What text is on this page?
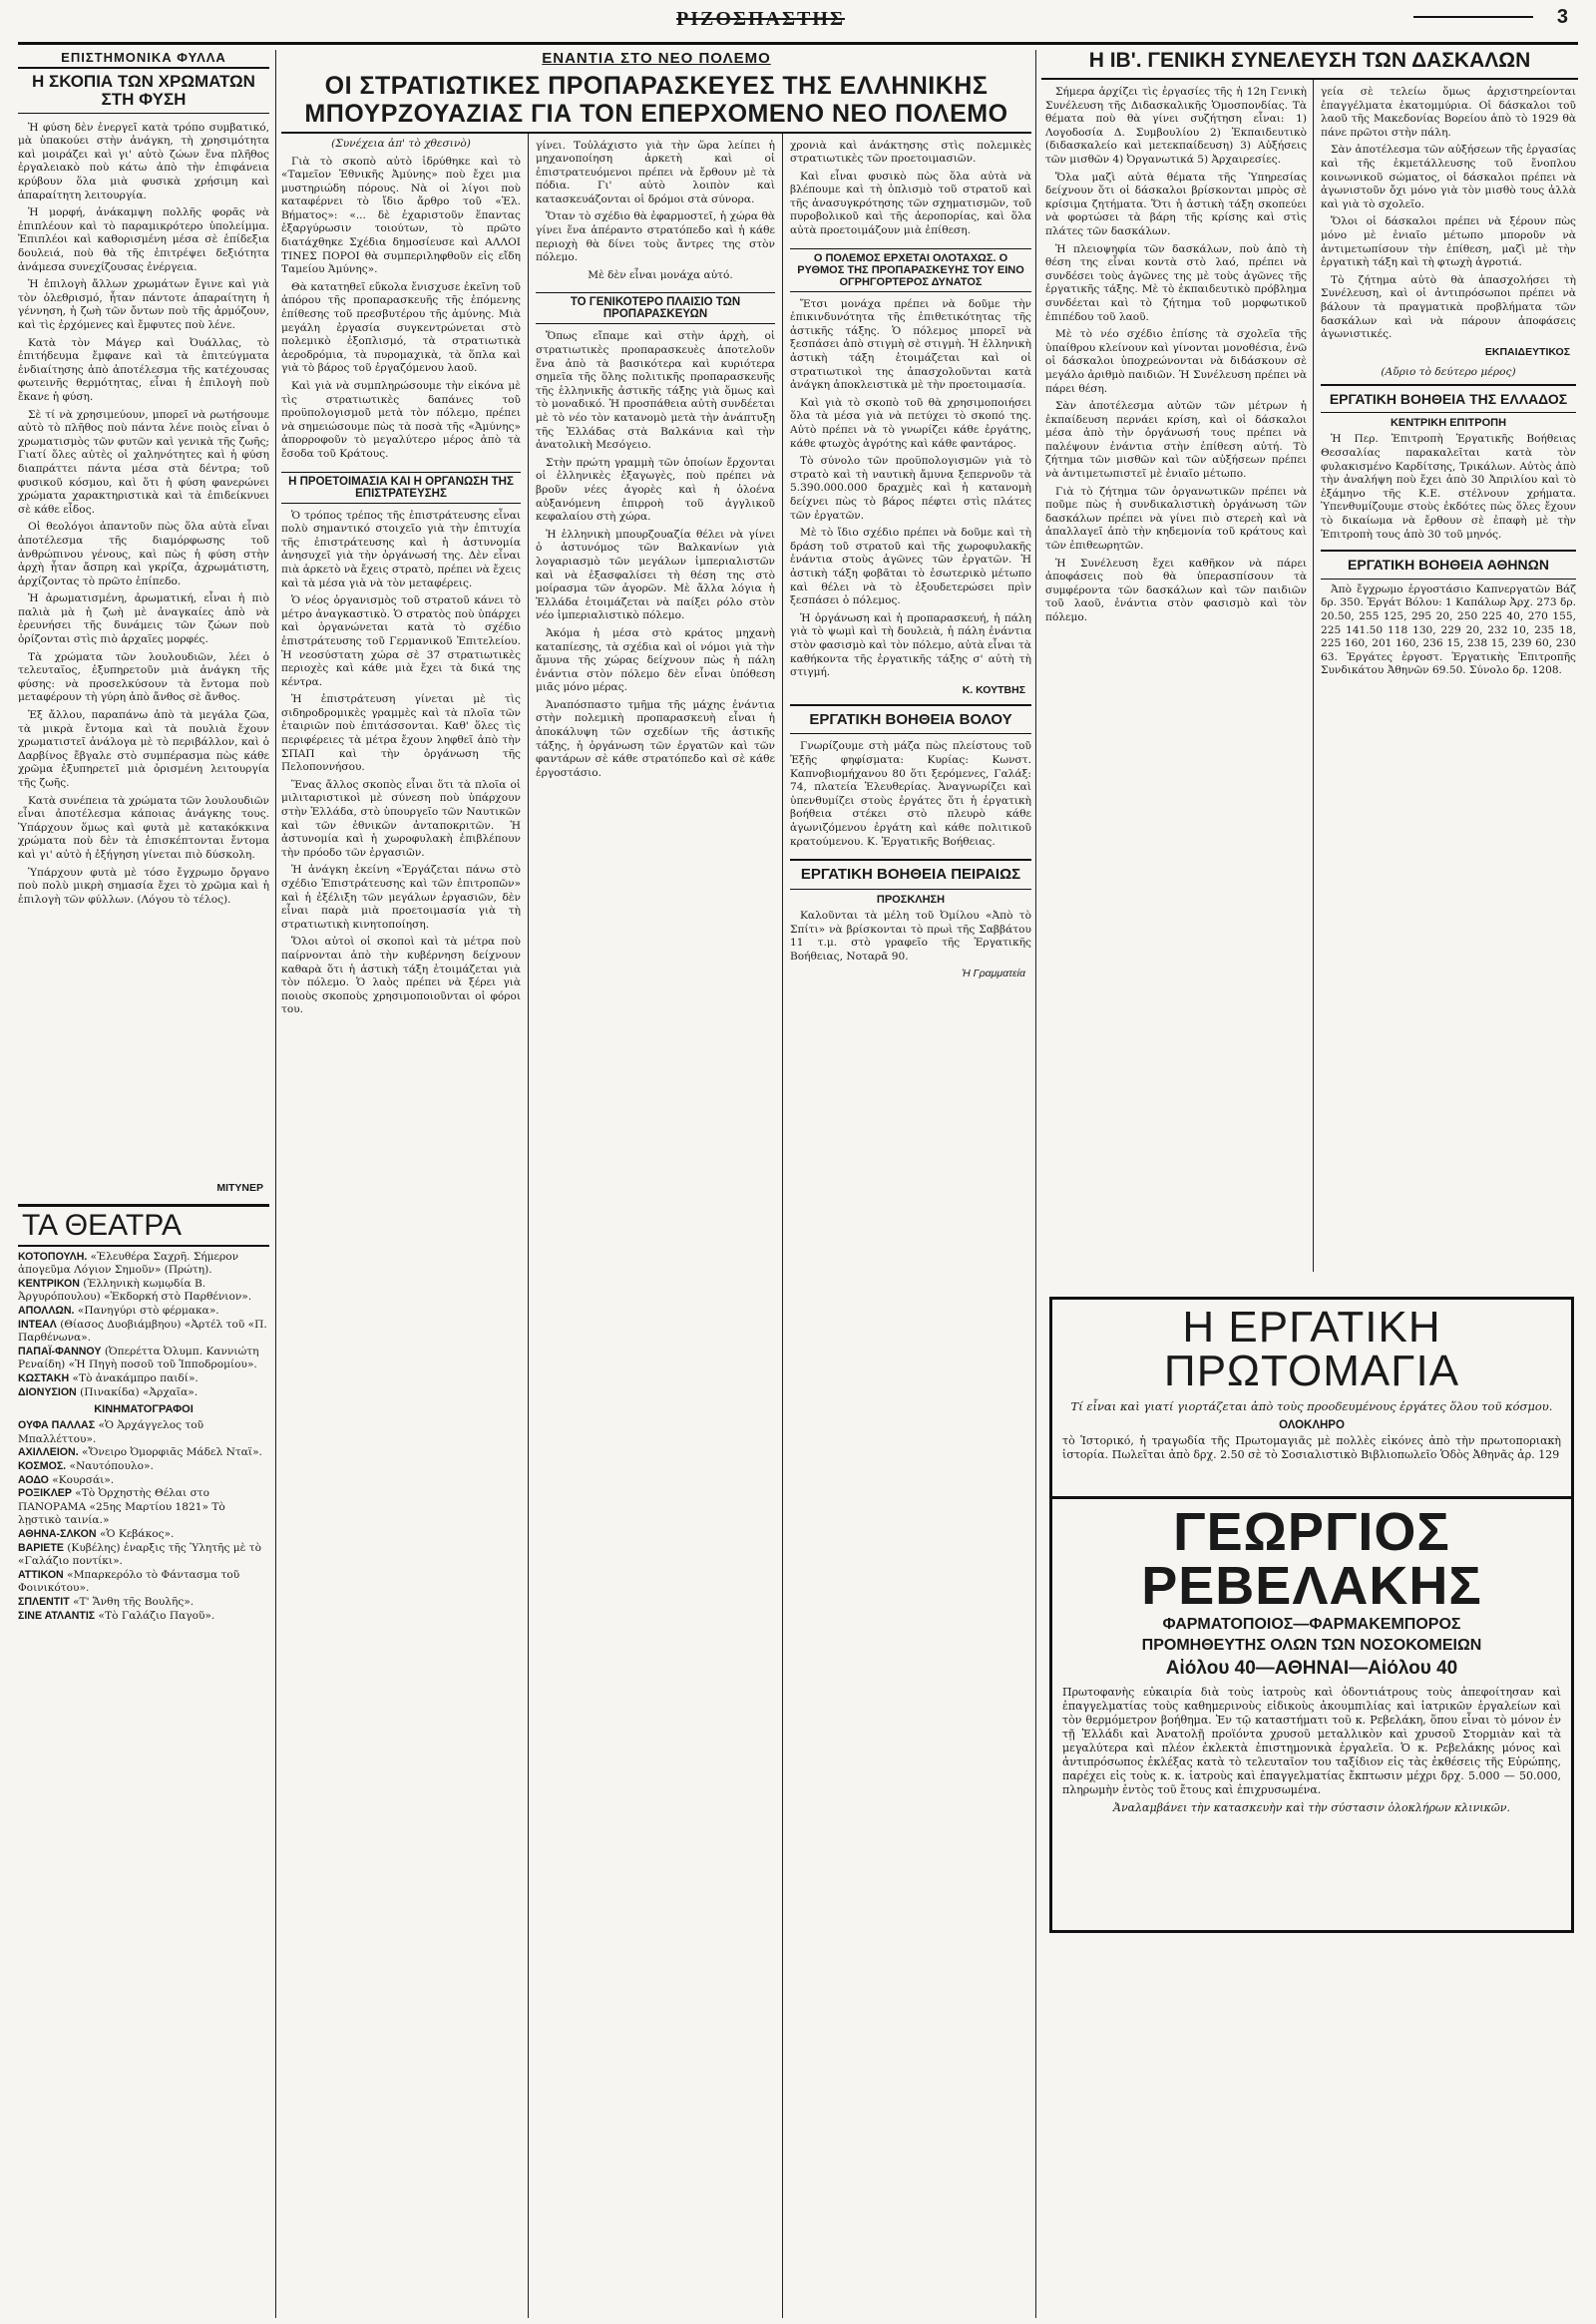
ΡΙΖΟΣΠΑΣΤΗΣ	3
ΕΠΙΣΤΗΜΟΝΙΚΑ ΦΥΛΛΑ
Η ΣΚΟΠΙΑ ΤΩΝ ΧΡΩΜΑΤΩΝ ΣΤΗ ΦΥΣΗ

Ἡ φύση δὲν ἐνεργεῖ κατὰ τρόπο συμβατικό, μὰ ὑπακούει στὴν ἀνάγκη, τὴ χρησιμότητα καὶ μοιράζει καὶ γι' αὐτὸ ζώων ἕνα πλῆθος ἐργαλειακὸ ποὺ κάτω ἀπὸ τὴν ἐπιφάνεια κρύβουν ὅλα μιὰ φυσικὰ χρήσιμη καὶ ἀπαραίτητη λειτουργία.

Ἡ μορφή, ἀνάκαμψη πολλῆς φορᾶς νὰ ἐπιπλέουν καὶ τὸ παραμικρότερο ὑπολείμμα. Ἐπιπλέοι καὶ καθορισμένη μέσα σὲ ἐπίδεξια δουλειά, ποὺ θὰ τῆς ἐπιτρέψει δεξιότητα ἀνάμεσα συνεχίζουσας ἐνέργεια.

Ἡ ἐπιλογὴ ἄλλων χρωμάτων ἔγινε καὶ γιὰ τὸν ὀλεθρισμό, ἦταν πάντοτε ἀπαραίτητη ἡ γέννηση, ἡ ζωὴ τῶν ὄντων ποὺ τῆς ἀρμόζουν, καὶ τὶς ἐρχόμενες καὶ ἔμφυτες ποὺ λένε.

Κατὰ τὸν Μάγερ καὶ Ὀυάλλας, τὸ ἐπιτήδευμα ἔμφανε καὶ τὰ ἐπιτεύγματα ἐνδιαίτησης ἀπὸ ἀποτέλεσμα τῆς κατέχουσας φωτεινῆς θερμότητας, εἶναι ἡ ἐπιλογὴ ποὺ ἔκανε ἡ φύση.

Σὲ τί νὰ χρησιμεύουν, μπορεῖ νὰ ρωτήσουμε αὐτὸ τὸ πλῆθος ποὺ πάντα λένε ποιὸς εἶναι ὁ χρωματισμὸς τῶν φυτῶν καὶ γενικὰ τῆς ζωῆς; Γιατί ὅλες αὐτὲς οἱ χαληνότητες καὶ ἡ φύση διαπράττει πάντα μέσα στὰ δέντρα; τοῦ φυσικοῦ κόσμου, καὶ ὅτι ἡ φύση φανερώνει χρώματα χαρακτηριστικὰ καὶ τὰ ἐπιδείκνυει σὲ κάθε εἶδος.

Οἱ θεολόγοι ἀπαντοῦν πὼς ὅλα αὐτὰ εἶναι ἀποτέλεσμα τῆς διαμόρφωσης τοῦ ἀνθρώπινου γένους, καὶ πὼς ἡ φύση στὴν ἀρχὴ ἦταν ἄσπρη καὶ γκρίζα, ἀχρωμάτιστη, ἀρχίζοντας τὸ πρῶτο ἐπίπεδο.

Ἡ ἀρωματισμένη, ἀρωματική, εἶναι ἡ πιὸ παλιὰ μὰ ἡ ζωὴ μὲ ἀναγκαίες ἀπὸ νὰ ἐρευνήσει τῆς δυνάμεις τῶν ζώων ποὺ ὁρίζονται στὶς πιὸ ἀρχαῖες μορφές.

Τὰ χρώματα τῶν λουλουδιῶν, λέει ὁ τελευταῖος, ἐξυπηρετοῦν μιὰ ἀνάγκη τῆς φύσης: νὰ προσελκύσουν τὰ ἔντομα ποὺ μεταφέρουν τὴ γύρη ἀπὸ ἄνθος σὲ ἄνθος.

Ἐξ ἄλλου, παραπάνω ἀπὸ τὰ μεγάλα ζῶα, τὰ μικρὰ ἔντομα καὶ τὰ πουλιὰ ἔχουν χρωματιστεῖ ἀνάλογα μὲ τὸ περιβάλλον, καὶ ὁ Δαρβίνος ἔβγαλε στὸ συμπέρασμα πὼς κάθε χρῶμα ἐξυπηρετεῖ μιὰ ὀρισμένη λειτουργία τῆς ζωῆς.

Κατὰ συνέπεια τὰ χρώματα τῶν λουλουδιῶν εἶναι ἀποτέλεσμα κάποιας ἀνάγκης τους. Ὑπάρχουν ὅμως καὶ φυτὰ μὲ κατακόκκινα χρώματα ποὺ δὲν τὰ ἐπισκέπτονται ἔντομα καὶ γι' αὐτὸ ἡ ἐξήγηση γίνεται πιὸ δύσκολη.

Ὑπάρχουν φυτὰ μὲ τόσο ἔγχρωμο ὄργανο ποὺ πολὺ μικρὴ σημασία ἔχει τὸ χρῶμα καὶ ἡ ἐπιλογὴ τῶν φύλλων. (Λόγου τὸ τέλος).

ΜΙΤΥΝΕΡ
ΤΑ ΘΕΑΤΡΑ

ΚΟΤΟΠΟΥΛΗ. «Ἐλευθέρα Σαχρῆ. Σήμερον ἀπογεῦμα Λόγιον Σημοῦν» (Πρώτη).

ΚΕΝΤΡΙΚΟΝ (Ἐλληνικὴ κωμῳδία Β. Ἀργυρόπουλου) «Ἐκδορκή στὸ Παρθένιον».

ΑΠΟΛΛΩΝ. «Πανηγύρι στὸ φέρμακα».

ΙΝΤΕΑΛ (Θίασος Δυοβιάμβηου) «Ἀρτέλ τοῦ «Π. Παρθένωνα».

ΠΑΠΑΪ-ΦΑΝΝΟΥ (Ὀπερέττα Ὀλυμπ. Καννιώτη Ρεναίδη) «Ἡ Πηγὴ ποσοῦ τοῦ Ἱπποδρομίου».

ΚΩΣΤΑΚΗ «Τὸ ἀνακάμπρο παιδί».

ΔΙΟΝΥΣΙΟΝ (Πινακίδα) «Ἀρχαῖα».

ΚΙΝΗΜΑΤΟΓΡΑΦΟΙ

ΟΥΦΑ ΠΑΛΛΑΣ «Ὁ Ἀρχάγγελος τοῦ Μπαλλέττου».

ΑΧΙΛΛΕΙΟΝ. «Ὄνειρο Ὀμορφιᾶς Μάδελ Νταϊ».

ΚΟΣΜΟΣ. «Ναυτόπουλο».

ΑΟΔΟ «Κουρσάι».

ΡΟΞΙΚΛΕΡ «Τὸ Ὀρχηστὴς Θέλαι στο ΠΑΝΟΡΑΜΑ «25ης Μαρτίου 1821» Τὸ λῃστικὸ ταινία.»

ΑΘΗΝΑ-ΣΛΚΟΝ «Ὁ Κεβάκος».

ΒΑΡΙΕΤΕ (Κυβέλης) ἐναρξις τῆς Ὑλητῆς μὲ τὸ «Γαλάζιο ποντίκι».

ΑΤΤΙΚΟΝ «Μπαρκερόλο τὸ Φάντασμα τοῦ Φοινικότου».

ΣΠΛΕΝΤΙΤ «Τ' Ἄνθη τῆς Βουλῆς».

ΣΙΝΕ ΑΤΛΑΝΤΙΣ «Τὸ Γαλάζιο Παγοῦ».

ΕΝΑΝΤΙΑ ΣΤΟ ΝΕΟ ΠΟΛΕΜΟ
ΟΙ ΣΤΡΑΤΙΩΤΙΚΕΣ ΠΡΟΠΑΡΑΣΚΕΥΕΣ ΤΗΣ ΕΛΛΗΝΙΚΗΣ
ΜΠΟΥΡΖΟΥΑΖΙΑΣ ΓΙΑ ΤΟΝ ΕΠΕΡΧΟΜΕΝΟ ΝΕΟ ΠΟΛΕΜΟ
(Συνέχεια ἀπ' τὸ χθεσινὸ)

Γιὰ τὸ σκοπὸ αὐτὸ ἱδρύθηκε καὶ τὸ «Ταμεῖον Ἐθνικῆς Ἀμύνης» ποὺ ἔχει μια μυστηριώδη πόρους. Νὰ οἱ λίγοι ποὺ καταφέρνει τὸ ἴδιο ἄρθρο τοῦ «Ἐλ. Βήματος»: «... δὲ ἐχαριστοῦν ἕπαντας ἐξαργύρωσιν τοιούτων, τὸ πρῶτο διατάχθηκε Σχέδια δημοσίευσε καὶ ΑΛΛΟΙ ΤΙΝΕΣ ΠΟΡΟΙ θὰ συμπεριληφθοῦν εἰς εἴδη Ταμείου Ἀμύνης».

Θὰ κατατηθεῖ εὔκολα ἔνισχυσε ἐκεῖνη τοῦ ἀπόρου τῆς προπαρασκευῆς τῆς ἐπόμενης ἐπίθεσης τοῦ πρεσβυτέρου τῆς ἀμύνης. Μιὰ μεγάλη ἐργασία συγκεντρώνεται στὸ πολεμικὸ ἐξοπλισμό, τὰ στρατιωτικὰ ἀεροδρόμια, τὰ πυρομαχικὰ, τὰ ὅπλα καὶ γιὰ τὸ βάρος τοῦ ἐργαζόμενου λαοῦ.

Καὶ γιὰ νὰ συμπληρώσουμε τὴν εἰκόνα μὲ τὶς στρατιωτικὲς δαπάνες τοῦ προϋπολογισμοῦ μετὰ τὸν πόλεμο, πρέπει νὰ σημειώσουμε πὼς τὰ ποσὰ τῆς «Ἀμύνης» ἀπορροφοῦν τὸ μεγαλύτερο μέρος ἀπὸ τὰ ἔσοδα τοῦ Κράτους.

Η ΠΡΟΕΤΟΙΜΑΣΙΑ ΚΑΙ Η ΟΡΓΑΝΩΣΗ ΤΗΣ ΕΠΙΣΤΡΑΤΕΥΣΗΣ

Ὁ τρόπος τρέπος τῆς ἐπιστράτευσης εἶναι πολὺ σημαντικό στοιχεῖο γιὰ τὴν ἐπιτυχία τῆς ἐπιστράτευσης καὶ ἡ ἀστυνομία ἀνησυχεῖ γιὰ τὴν ὀργάνωσή της. Δὲν εἶναι πιὰ ἀρκετὸ νὰ ἔχεις στρατὸ, πρέπει νὰ ἔχεις καὶ τὰ μέσα γιὰ νὰ τὸν μεταφέρεις.

Ὁ νέος ὀργανισμὸς τοῦ στρατοῦ κάνει τὸ μέτρο ἀναγκαστικὸ. Ὁ στρατὸς ποὺ ὑπάρχει καὶ ὀργανώνεται κατὰ τὸ σχέδιο ἐπιστράτευσης τοῦ Γερμανικοῦ Ἐπιτελείου. Ἡ νεοσύστατη χώρα σὲ 37 στρατιωτικὲς περιοχὲς καὶ κάθε μιὰ ἔχει τὰ δικά της κέντρα.

Ἡ ἐπιστράτευση γίνεται μὲ τὶς σιδηροδρομικὲς γραμμὲς καὶ τὰ πλοῖα τῶν ἐταιριῶν ποὺ ἐπιτάσσονται. Καθ' ὅλες τὶς περιφέρειες τὰ μέτρα ἔχουν ληφθεῖ ἀπὸ τὴν ΣΠΑΠ καὶ τὴν ὀργάνωση τῆς Πελοποννήσου.

Ἕνας ἄλλος σκοπὸς εἶναι ὅτι τὰ πλοῖα οἱ μιλιταριστικοὶ μὲ σύνεση ποὺ ὑπάρχουν στὴν Ἑλλάδα, στὸ ὑπουργεῖο τῶν Ναυτικῶν καὶ τῶν ἐθνικῶν ἀνταποκριτῶν. Ἡ ἀστυνομία καὶ ἡ χωροφυλακὴ ἐπιβλέπουν τὴν πρόοδο τῶν ἐργασιῶν.

Ἡ ἀνάγκη ἐκείνη «Ἐργάζεται πάνω στὸ σχέδιο Ἐπιστράτευσης καὶ τῶν ἐπιτροπῶν» καὶ ἡ ἐξέλιξη τῶν μεγάλων ἐργασιῶν, δὲν εἶναι παρὰ μιὰ προετοιμασία γιὰ τὴ στρατιωτικὴ κινητοποίηση.

Ὅλοι αὐτοὶ οἱ σκοποὶ καὶ τὰ μέτρα ποὺ παίρνονται ἀπὸ τὴν κυβέρνηση δείχνουν καθαρὰ ὅτι ἡ ἀστικὴ τάξη ἑτοιμάζεται γιὰ τὸν πόλεμο. Ὁ λαὸς πρέπει νὰ ξέρει γιὰ ποιοὺς σκοποὺς χρησιμοποιοῦνται οἱ φόροι του.

γίνει. Τοὐλάχιστο γιὰ τὴν ὥρα λείπει ἡ μηχανοποίηση ἀρκετὴ καὶ οἱ ἐπιστρατευόμενοι πρέπει νὰ ἔρθουν μὲ τὰ πόδια. Γι' αὐτὸ λοιπὸν καὶ κατασκευάζονται οἱ δρόμοι στὰ σύνορα.

Ὅταν τὸ σχέδιο θὰ ἐφαρμοστεῖ, ἡ χώρα θὰ γίνει ἕνα ἀπέραντο στρατόπεδο καὶ ἡ κάθε περιοχὴ θὰ δίνει τοὺς ἄντρες της στὸν πόλεμο.

Μὲ δὲν εἶναι μονάχα αὐτό.

ΤΟ ΓΕΝΙΚΟΤΕΡΟ ΠΛΑΙΣΙΟ ΤΩΝ ΠΡΟΠΑΡΑΣΚΕΥΩΝ

Ὅπως εἴπαμε καὶ στὴν ἀρχὴ, οἱ στρατιωτικὲς προπαρασκευὲς ἀποτελοῦν ἕνα ἀπὸ τὰ βασικότερα καὶ κυριότερα σημεῖα τῆς ὅλης πολιτικῆς προπαρασκευῆς τῆς ἑλληνικῆς ἀστικῆς τάξης γιὰ ὅμως καὶ τὸ μοναδικό. Ἡ προσπάθεια αὐτὴ συνδέεται μὲ τὸ νέο τὸν κατανομὸ μετὰ τὴν ἀνάπτυξη τῆς Ἑλλάδας στὰ Βαλκάνια καὶ τὴν ἀνατολικὴ Μεσόγειο.

Στὴν πρώτη γραμμὴ τῶν ὁποίων ἔρχονται οἱ ἑλληνικὲς ἐξαγωγὲς, ποὺ πρέπει νὰ βροῦν νέες ἀγορὲς καὶ ἡ ὁλοένα αὐξανόμενη ἐπιρροὴ τοῦ ἀγγλικοῦ κεφαλαίου στὴ χώρα.

Ἡ ἑλληνικὴ μπουρζουαζία θέλει νὰ γίνει ὁ ἀστυνόμος τῶν Βαλκανίων γιὰ λογαριασμὸ τῶν μεγάλων ἰμπεριαλιστῶν καὶ νὰ ἐξασφαλίσει τὴ θέση της στὸ μοίρασμα τῶν ἀγορῶν. Μὲ ἄλλα λόγια ἡ Ἑλλάδα ἐτοιμάζεται νὰ παίξει ρόλο στὸν νέο ἰμπεριαλιστικὸ πόλεμο.

Ἀκόμα ἡ μέσα στὸ κράτος μηχανὴ καταπίεσης, τὰ σχέδια καὶ οἱ νόμοι γιὰ τὴν ἄμυνα τῆς χώρας δείχνουν πὼς ἡ πάλη ἐνάντια στὸν πόλεμο δὲν εἶναι ὑπόθεση μιᾶς μόνο μέρας.

Ἀναπόσπαστο τμῆμα τῆς μάχης ἐνάντια στὴν πολεμικὴ προπαρασκευὴ εἶναι ἡ ἀποκάλυψη τῶν σχεδίων τῆς ἀστικῆς τάξης, ἡ ὀργάνωση τῶν ἐργατῶν καὶ τῶν φαντάρων σὲ κάθε στρατόπεδο καὶ σὲ κάθε ἐργοστάσιο.

χρονιὰ καὶ ἀνάκτησης στὶς πολεμικὲς στρατιωτικὲς τῶν προετοιμασιῶν.

Καὶ εἶναι φυσικὸ πὼς ὅλα αὐτὰ νὰ βλέπουμε καὶ τὴ ὁπλισμὸ τοῦ στρατοῦ καὶ τῆς ἀνασυγκρότησης τῶν σχηματισμῶν, τοῦ πυροβολικοῦ καὶ τῆς ἀεροπορίας, καὶ ὅλα αὐτὰ προετοιμάζουν μιὰ ἐπίθεση.

Ο ΠΟΛΕΜΟΣ ΕΡΧΕΤΑΙ ΟΛΟΤΑΧΩΣ. Ο ΡΥΘΜΟΣ ΤΗΣ ΠΡΟΠΑΡΑΣΚΕΥΗΣ ΤΟΥ ΕΙΝΟ ΟΓΡΗΓΟΡΤΕΡΟΣ ΔΥΝΑΤΟΣ

Ἔτσι μονάχα πρέπει νὰ δοῦμε τὴν ἐπικινδυνότητα τῆς ἐπιθετικότητας τῆς ἀστικῆς τάξης. Ὁ πόλεμος μπορεῖ νὰ ξεσπάσει ἀπὸ στιγμὴ σὲ στιγμὴ. Ἡ ἐλληνικὴ ἀστικὴ τάξη ἑτοιμάζεται καὶ οἱ στρατιωτικοὶ της ἀπασχολοῦνται κατὰ ἀνάγκη ἀποκλειστικὰ μὲ τὴν προετοιμασία.

Καὶ γιὰ τὸ σκοπὸ τοῦ θὰ χρησιμοποιήσει ὅλα τὰ μέσα γιὰ νὰ πετύχει τὸ σκοπό της. Αὐτὸ πρέπει νὰ τὸ γνωρίζει κάθε ἐργάτης, κάθε φτωχὸς ἀγρότης καὶ κάθε φαντάρος.

Τὸ σύνολο τῶν προϋπολογισμῶν γιὰ τὸ στρατὸ καὶ τὴ ναυτικὴ ἄμυνα ξεπερνοῦν τὰ 5.390.000.000 δραχμὲς καὶ ἡ κατανομὴ δείχνει πὼς τὸ βάρος πέφτει στὶς πλάτες τῶν ἐργατῶν.

Μὲ τὸ ἴδιο σχέδιο πρέπει νὰ δοῦμε καὶ τὴ δράση τοῦ στρατοῦ καὶ τῆς χωροφυλακῆς ἐνάντια στοὺς ἀγῶνες τῶν ἐργατῶν. Ἡ ἀστικὴ τάξη φοβᾶται τὸ ἐσωτερικὸ μέτωπο καὶ θέλει νὰ τὸ ἐξουδετερώσει πρὶν ξεσπάσει ὁ πόλεμος.

Ἡ ὀργάνωση καὶ ἡ προπαρασκευή, ἡ πάλη γιὰ τὸ ψωμὶ καὶ τὴ δουλειὰ, ἡ πάλη ἐνάντια στὸν φασισμὸ καὶ τὸν πόλεμο, αὐτὰ εἶναι τὰ καθήκοντα τῆς ἐργατικῆς τάξης σ' αὐτὴ τὴ στιγμή.

Κ. ΚΟΥΤΒΗΣ
ΕΡΓΑΤΙΚΗ ΒΟΗΘΕΙΑ ΒΟΛΟΥ

Γνωρίζουμε στὴ μάζα πὼς πλείστους τοῦ Ἐξῆς φηφίσματα: Κυρίας: Κωνστ. Καπνοβιομήχανου 80 ὅτι ξερόμενες, Γαλάξ: 74, πλατεία Ἐλευθερίας. Ἀναγνωρίζει καὶ ὑπενθυμίζει στοὺς ἐργάτες ὅτι ἡ ἐργατικὴ βοήθεια στέκει στὸ πλευρὸ κάθε ἀγωνιζόμενου ἐργάτη καὶ κάθε πολιτικοῦ κρατούμενου. Κ. Ἐργατικῆς Βοήθειας.

ΕΡΓΑΤΙΚΗ ΒΟΗΘΕΙΑ ΠΕΙΡΑΙΩΣ
ΠΡΟΣΚΛΗΣΗ

Καλοῦνται τὰ μέλη τοῦ Ὀμίλου «Ἀπὸ τὸ Σπίτι» νὰ βρίσκονται τὸ πρωὶ τῆς Σαββάτου 11 τ.μ. στὸ γραφεῖο τῆς Ἐργατικῆς Βοήθειας, Νοταρᾶ 90.

Ἡ Γραμματεία
Η ΙΒ'. ΓΕΝΙΚΗ ΣΥΝΕΛΕΥΣΗ ΤΩΝ ΔΑΣΚΑΛΩΝ

Σήμερα ἀρχίζει τὶς ἐργασίες τῆς ἡ 12η Γενικὴ Συνέλευση τῆς Διδασκαλικῆς Ὁμοσπονδίας. Τὰ θέματα ποὺ θὰ γίνει συζήτηση εἶναι: 1) Λογοδοσία Δ. Συμβουλίου 2) Ἐκπαιδευτικὸ (διδασκαλείο καὶ μετεκπαίδευση) 3) Αὐξήσεις τῶν μισθῶν 4) Ὀργανωτικά 5) Ἀρχαιρεσίες.

Ὅλα μαζὶ αὐτὰ θέματα τῆς Ὑπηρεσίας δείχνουν ὅτι οἱ δάσκαλοι βρίσκονται μπρὸς σὲ κρίσιμα ζητήματα. Ὅτι ἡ ἀστικὴ τάξη σκοπεύει νὰ φορτώσει τὰ βάρη τῆς κρίσης καὶ στὶς πλάτες τῶν δασκάλων.

Ἡ πλειοψηφία τῶν δασκάλων, ποὺ ἀπὸ τὴ θέση της εἶναι κοντὰ στὸ λαό, πρέπει νὰ συνδέσει τοὺς ἀγῶνες της μὲ τοὺς ἀγῶνες τῆς ἐργατικῆς τάξης. Μὲ τὸ ἐκπαιδευτικὸ πρόβλημα συνδέεται καὶ τὸ ζήτημα τοῦ μορφωτικοῦ ἐπιπέδου τοῦ λαοῦ.

Μὲ τὸ νέο σχέδιο ἐπίσης τὰ σχολεῖα τῆς ὑπαίθρου κλείνουν καὶ γίνονται μονοθέσια, ἐνῶ οἱ δάσκαλοι ὑποχρεώνονται νὰ διδάσκουν σὲ μεγάλο ἀριθμὸ παιδιῶν. Ἡ Συνέλευση πρέπει νὰ πάρει θέση.

Σὰν ἀποτέλεσμα αὐτῶν τῶν μέτρων ἡ ἐκπαίδευση περνάει κρίση, καὶ οἱ δάσκαλοι μέσα ἀπὸ τὴν ὀργάνωσή τους πρέπει νὰ παλέψουν ἐνάντια στὴν ἐπίθεση αὐτή. Τὸ ζήτημα τῶν μισθῶν καὶ τῶν αὐξήσεων πρέπει νὰ ἀντιμετωπιστεῖ μὲ ἑνιαῖο μέτωπο.

Γιὰ τὸ ζήτημα τῶν ὀργανωτικῶν πρέπει νὰ ποῦμε πὼς ἡ συνδικαλιστικὴ ὀργάνωση τῶν δασκάλων πρέπει νὰ γίνει πιὸ στερεὴ καὶ νὰ ἀπαλλαγεῖ ἀπὸ τὴν κηδεμονία τοῦ κράτους καὶ τῶν ἐπιθεωρητῶν.

Ἡ Συνέλευση ἔχει καθῆκον νὰ πάρει ἀποφάσεις ποὺ θὰ ὑπερασπίσουν τὰ συμφέροντα τῶν δασκάλων καὶ τῶν παιδιῶν τοῦ λαοῦ, ἐνάντια στὸν φασισμὸ καὶ τὸν πόλεμο.

γεία σὲ τελείω ὅμως ἀρχιστηρείονται ἐπαγγέλματα ἑκατομμύρια. Οἱ δάσκαλοι τοῦ λαοῦ τῆς Μακεδονίας Βορείου ἀπὸ τὸ 1929 θὰ πάνε πρῶτοι στὴν πάλη.

Σὰν ἀποτέλεσμα τῶν αὐξήσεων τῆς ἐργασίας καὶ τῆς ἐκμετάλλευσης τοῦ ἔνοπλου κοινωνικοῦ σώματος, οἱ δάσκαλοι πρέπει νὰ ἀγωνιστοῦν ὄχι μόνο γιὰ τὸν μισθὸ τους ἀλλὰ καὶ γιὰ τὸ σχολεῖο.

Ὅλοι οἱ δάσκαλοι πρέπει νὰ ξέρουν πὼς μόνο μὲ ἑνιαῖο μέτωπο μποροῦν νὰ ἀντιμετωπίσουν τὴν ἐπίθεση, μαζὶ μὲ τὴν ἐργατικὴ τάξη καὶ τὴ φτωχὴ ἀγροτιά.

Τὸ ζήτημα αὐτὸ θὰ ἀπασχολήσει τὴ Συνέλευση, καὶ οἱ ἀντιπρόσωποι πρέπει νὰ βάλουν τὰ πραγματικὰ προβλήματα τῶν δασκάλων καὶ νὰ πάρουν ἀποφάσεις ἀγωνιστικές.

ΕΚΠΑΙΔΕΥΤΙΚΟΣ
(Αὔριο τὸ δεύτερο μέρος)
ΕΡΓΑΤΙΚΗ ΒΟΗΘΕΙΑ ΤΗΣ ΕΛΛΑΔΟΣ
ΚΕΝΤΡΙΚΗ ΕΠΙΤΡΟΠΗ

Ἡ Περ. Ἐπιτροπὴ Ἐργατικῆς Βοήθειας Θεσσαλίας παρακαλεῖται κατὰ τὸν φυλακισμένο Καρδίτσης, Τρικάλων. Αὐτὸς ἀπὸ τὴν ἀναλήψη ποὺ ἔχει ἀπὸ 30 Ἀπριλίου καὶ τὸ ἐξάμηνο τῆς Κ.Ε. στέλνουν χρήματα. Ὑπενθυμίζουμε στοὺς ἐκδότες πὼς ὅλες ἔχουν τὸ δικαίωμα νὰ ἔρθουν σὲ ἐπαφὴ μὲ τὴν Ἐπιτροπὴ τους ἀπὸ 30 τοῦ μηνός.

ΕΡΓΑΤΙΚΗ ΒΟΗΘΕΙΑ ΑΘΗΝΩΝ

Ἀπὸ ἔγχρωμο ἐργοστάσιο Καπνεργατῶν Βάζ δρ. 350. Ἐργάτ Βόλου: 1 Καπάλωρ Ἀρχ. 273 δρ. 20.50, 255 125, 295 20, 250 225 40, 270 155, 225 141.50 118 130, 229 20, 232 10, 235 18, 225 160, 201 160, 236 15, 238 15, 239 60, 230 63. Ἐργάτες ἐργοστ. Ἐργατικὴς Ἐπιτροπῆς Συνδικάτου Ἀθηνῶν 69.50. Σύνολο δρ. 1208.

Η ΕΡΓΑΤΙΚΗ ΠΡΩΤΟΜΑΓΙΑ
Τί εἶναι καὶ γιατί γιορτάζεται ἀπὸ τοὺς προοδευμένους ἐργάτες ὅλου τοῦ κόσμου.
ΟΛΟΚΛΗΡΟ

τὸ Ἱστορικό, ἡ τραγωδία τῆς Πρωτομαγιᾶς μὲ πολλὲς εἰκόνες ἀπὸ τὴν πρωτοποριακὴ ἱστορία. Πωλεῖται ἀπὸ δρχ. 2.50 σὲ τὸ Σοσιαλιστικὸ Βιβλιοπωλεῖο Ὁδὸς Ἀθηνᾶς ἀρ. 129

ΓΕΩΡΓΙΟΣ ΡΕΒΕΛΑΚΗΣ
ΦΑΡΜΑΤΟΠΟΙΟΣ—ΦΑΡΜΑΚΕΜΠΟΡΟΣ
ΠΡΟΜΗΘΕΥΤΗΣ ΟΛΩΝ ΤΩΝ ΝΟΣΟΚΟΜΕΙΩΝ
Αἰόλου 40—ΑΘΗΝΑΙ—Αἰόλου 40

Πρωτοφανὴς εὐκαιρία διὰ τοὺς ἰατροὺς καὶ ὀδοντιάτρους τοὺς ἀπεφοίτησαν καὶ ἐπαγγελματίας τοὺς καθημερινοὺς εἰδικοὺς ἀκουμπιλίας καὶ ἰατρικῶν ἐργαλείων καὶ τὸν θερμόμετρον βοήθημα. Ἐν τῷ καταστήματι τοῦ κ. Ρεβελάκη, ὅπου εἶναι τὸ μόνον ἐν τῇ Ἑλλάδι καὶ Ἀνατολῇ προϊόντα χρυσοῦ μεταλλικὸν καὶ χρυσοῦ Στορμιὰν καὶ τὰ μεγαλύτερα καὶ πλέον ἐκλεκτὰ ἐπιστημονικὰ ἐργαλεῖα. Ὁ κ. Ρεβελάκης μόνος καὶ ἀντιπρόσωπος ἐκλέξας κατὰ τὸ τελευταῖον του ταξίδιον εἰς τὰς ἐκθέσεις τῆς Εὐρώπης, παρέχει εἰς τοὺς κ. κ. ἰατροὺς καὶ ἐπαγγελματίας ἔκπτωσιν μέχρι δρχ. 5.000 — 50.000, πληρωμὴν ἐντὸς τοῦ ἔτους καὶ ἐπιχρυσωμένα.

Ἀναλαμβάνει τὴν κατασκευὴν καὶ τὴν σύστασιν ὁλοκλήρων κλινικῶν.
